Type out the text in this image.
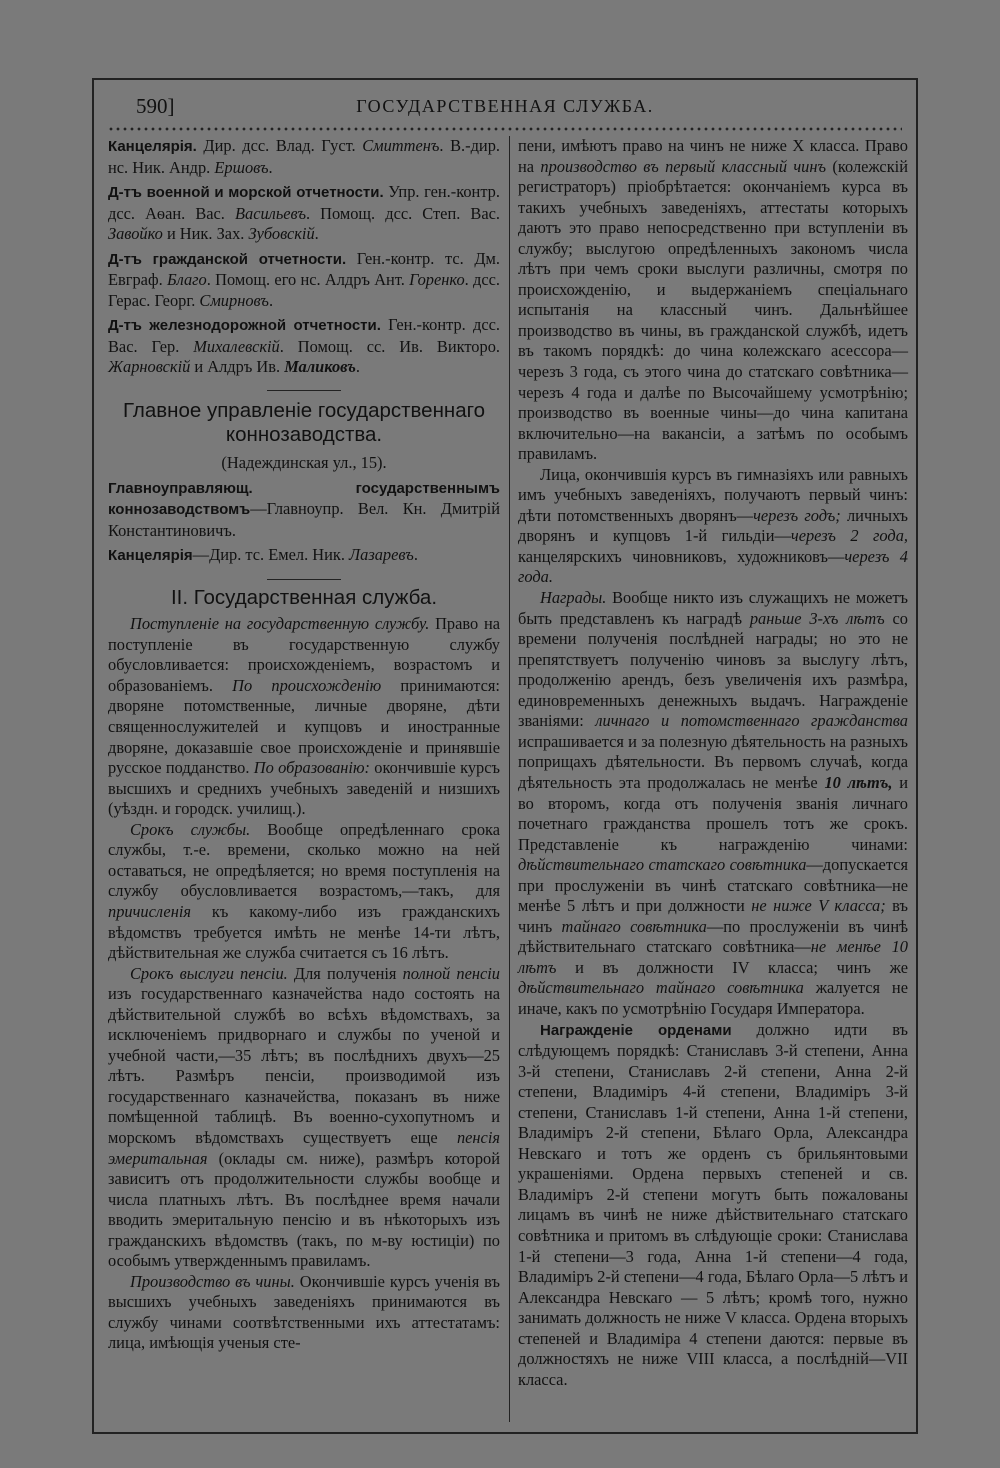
590]	ГОСУДАРСТВЕННАЯ СЛУЖБА.

Канцелярія. Дир. дсс. Влад. Густ. Смиттенъ. В.-дир. нс. Ник. Андр. Ершовъ.

Д-тъ военной и морской отчетности. Упр. ген.-контр. дсс. Аѳан. Вас. Васильевъ. Помощ. дсс. Степ. Вас. Завойко и Ник. Зах. Зубовскій.

Д-тъ гражданской отчетности. Ген.-контр. тс. Дм. Евграф. Благо. Помощ. его нс. Алдръ Ант. Горенко. дсс. Герас. Георг. Смирновъ.

Д-тъ железнодорожной отчетности. Ген.-контр. дсс. Вас. Гер. Михалевскій. Помощ. сс. Ив. Викторо. Жарновскій и Алдръ Ив. Маликовъ.

Главное управленіе государственнаго коннозаводства.
(Надеждинская ул., 15).

Главноуправляющ. государственнымъ коннозаводствомъ—Главноупр. Вел. Кн. Дмитрій Константиновичъ.

Канцелярія—Дир. тс. Емел. Ник. Лазаревъ.

II. Государственная служба.

Поступленіе на государственную службу. Право на поступленіе въ государственную службу обусловливается: происхожденіемъ, возрастомъ и образованіемъ. По происхожденію принимаются: дворяне потомственные, личные дворяне, дѣти священнослужителей и купцовъ и иностранные дворяне, доказавшіе свое происхожденіе и принявшіе русское подданство. По образованію: окончившіе курсъ высшихъ и среднихъ учебныхъ заведеній и низшихъ (уѣздн. и городск. училищ.).

Срокъ службы. Вообще опредѣленнаго срока службы, т.-е. времени, сколько можно на ней оставаться, не опредѣляется; но время поступленія на службу обусловливается возрастомъ,—такъ, для причисленія къ какому-либо изъ гражданскихъ вѣдомствъ требуется имѣть не менѣе 14-ти лѣтъ, дѣйствительная же служба считается съ 16 лѣтъ.

Срокъ выслуги пенсіи. Для полученія полной пенсіи изъ государственнаго казначейства надо состоять на дѣйствительной службѣ во всѣхъ вѣдомствахъ, за исключеніемъ придворнаго и службы по ученой и учебной части,—35 лѣтъ; въ послѣднихъ двухъ—25 лѣтъ. Размѣръ пенсіи, производимой изъ государственнаго казначейства, показанъ въ ниже помѣщенной таблицѣ. Въ военно-сухопутномъ и морскомъ вѣдомствахъ существуетъ еще пенсія эмеритальная (оклады см. ниже), размѣръ которой зависитъ отъ продолжительности службы вообще и числа платныхъ лѣтъ. Въ послѣднее время начали вводить эмеритальную пенсію и въ нѣкоторыхъ изъ гражданскихъ вѣдомствъ (такъ, по м-ву юстиціи) по особымъ утвержденнымъ правиламъ.

Производство въ чины. Окончившіе курсъ ученія въ высшихъ учебныхъ заведеніяхъ принимаются въ службу чинами соотвѣтственными ихъ аттестатамъ: лица, имѣющія ученыя сте-

пени, имѣютъ право на чинъ не ниже X класса. Право на производство въ первый классный чинъ (колежскій регистраторъ) пріобрѣтается: окончаніемъ курса въ такихъ учебныхъ заведеніяхъ, аттестаты которыхъ даютъ это право непосредственно при вступленіи въ службу; выслугою опредѣленныхъ закономъ числа лѣтъ при чемъ сроки выслуги различны, смотря по происхожденію, и выдержаніемъ спеціальнаго испытанія на классный чинъ. Дальнѣйшее производство въ чины, въ гражданской службѣ, идетъ въ такомъ порядкѣ: до чина колежскаго асессора—черезъ 3 года, съ этого чина до статскаго совѣтника—черезъ 4 года и далѣе по Высочайшему усмотрѣнію; производство въ военные чины—до чина капитана включительно—на вакансіи, а затѣмъ по особымъ правиламъ.

Лица, окончившія курсъ въ гимназіяхъ или равныхъ имъ учебныхъ заведеніяхъ, получаютъ первый чинъ: дѣти потомственныхъ дворянъ—черезъ годъ; личныхъ дворянъ и купцовъ 1-й гильдіи—черезъ 2 года, канцелярскихъ чиновниковъ, художниковъ—черезъ 4 года.

Награды. Вообще никто изъ служащихъ не можетъ быть представленъ къ наградѣ раньше 3-хъ лѣтъ со времени полученія послѣдней награды; но это не препятствуетъ полученію чиновъ за выслугу лѣтъ, продолженію арендъ, безъ увеличенія ихъ размѣра, единовременныхъ денежныхъ выдачъ. Награжденіе званіями: личнаго и потомственнаго гражданства испрашивается и за полезную дѣятельность на разныхъ поприщахъ дѣятельности. Въ первомъ случаѣ, когда дѣятельность эта продолжалась не менѣе 10 лѣтъ, и во второмъ, когда отъ полученія званія личнаго почетнаго гражданства прошелъ тотъ же срокъ. Представленіе къ награжденію чинами: дѣйствительнаго статскаго совѣтника—допускается при прослуженіи въ чинѣ статскаго совѣтника—не менѣе 5 лѣтъ и при должности не ниже V класса; въ чинъ тайнаго совѣтника—по прослуженіи въ чинѣ дѣйствительнаго статскаго совѣтника—не менѣе 10 лѣтъ и въ должности IV класса; чинъ же дѣйствительнаго тайнаго совѣтника жалуется не иначе, какъ по усмотрѣнію Государя Императора.

Награжденіе орденами должно идти въ слѣдующемъ порядкѣ: Станиславъ 3-й степени, Анна 3-й степени, Станиславъ 2-й степени, Анна 2-й степени, Владиміръ 4-й степени, Владиміръ 3-й степени, Станиславъ 1-й степени, Анна 1-й степени, Владиміръ 2-й степени, Бѣлаго Орла, Александра Невскаго и тотъ же орденъ съ брильянтовыми украшеніями. Ордена первыхъ степеней и св. Владиміръ 2-й степени могутъ быть пожалованы лицамъ въ чинѣ не ниже дѣйствительнаго статскаго совѣтника и притомъ въ слѣдующіе сроки: Станислава 1-й степени—3 года, Анна 1-й степени—4 года, Владиміръ 2-й степени—4 года, Бѣлаго Орла—5 лѣтъ и Александра Невскаго — 5 лѣтъ; кромѣ того, нужно занимать должность не ниже V класса. Ордена вторыхъ степеней и Владиміра 4 степени даются: первые въ должностяхъ не ниже VIII класса, а послѣдній—VII класса.
